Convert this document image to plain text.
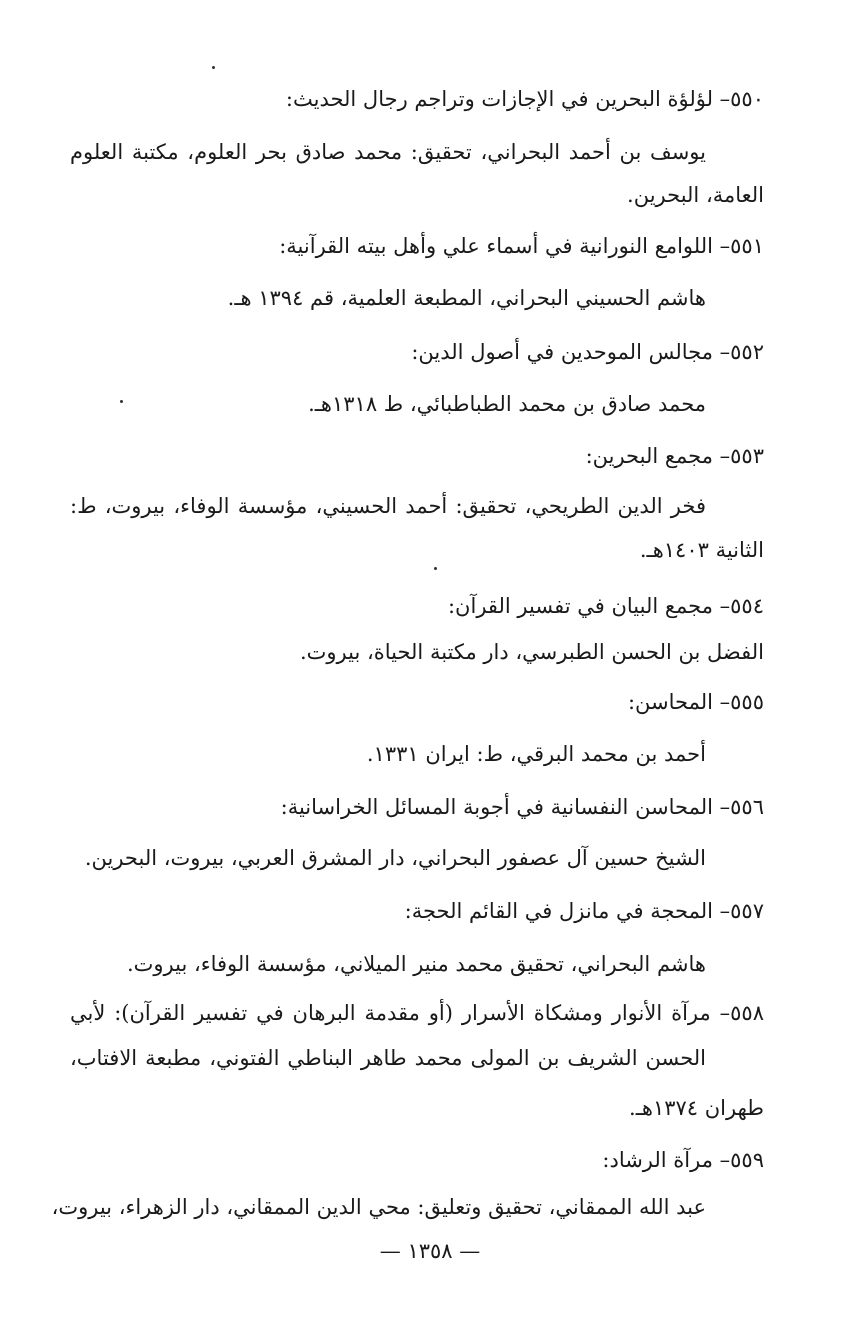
٥٥٠– لؤلؤة البحرين في الإجازات وتراجم رجال الحديث:
يوسف بن أحمد البحراني، تحقيق: محمد صادق بحر العلوم، مكتبة العلوم
العامة، البحرين.
٥٥١– اللوامع النورانية في أسماء علي وأهل بيته القرآنية:
هاشم الحسيني البحراني، المطبعة العلمية، قم ١٣٩٤ هـ.
٥٥٢– مجالس الموحدين في أصول الدين:
محمد صادق بن محمد الطباطبائي، ط ١٣١٨هـ.
٥٥٣– مجمع البحرين:
فخر الدين الطريحي، تحقيق: أحمد الحسيني، مؤسسة الوفاء، بيروت، ط:
الثانية ١٤٠٣هـ.
٥٥٤– مجمع البيان في تفسير القرآن:
الفضل بن الحسن الطبرسي، دار مكتبة الحياة، بيروت.
٥٥٥– المحاسن:
أحمد بن محمد البرقي، ط: ايران ١٣٣١.
٥٥٦– المحاسن النفسانية في أجوبة المسائل الخراسانية:
الشيخ حسين آل عصفور البحراني، دار المشرق العربي، بيروت، البحرين.
٥٥٧– المحجة في مانزل في القائم الحجة:
هاشم البحراني، تحقيق محمد منير الميلاني، مؤسسة الوفاء، بيروت.
٥٥٨– مرآة الأنوار ومشكاة الأسرار (أو مقدمة البرهان في تفسير القرآن): لأبي
الحسن الشريف بن المولى محمد طاهر البناطي الفتوني، مطبعة الافتاب،
طهران ١٣٧٤هـ.
٥٥٩– مرآة الرشاد:
عبد الله الممقاني، تحقيق وتعليق: محي الدين الممقاني، دار الزهراء، بيروت،
— ١٣٥٨ —
